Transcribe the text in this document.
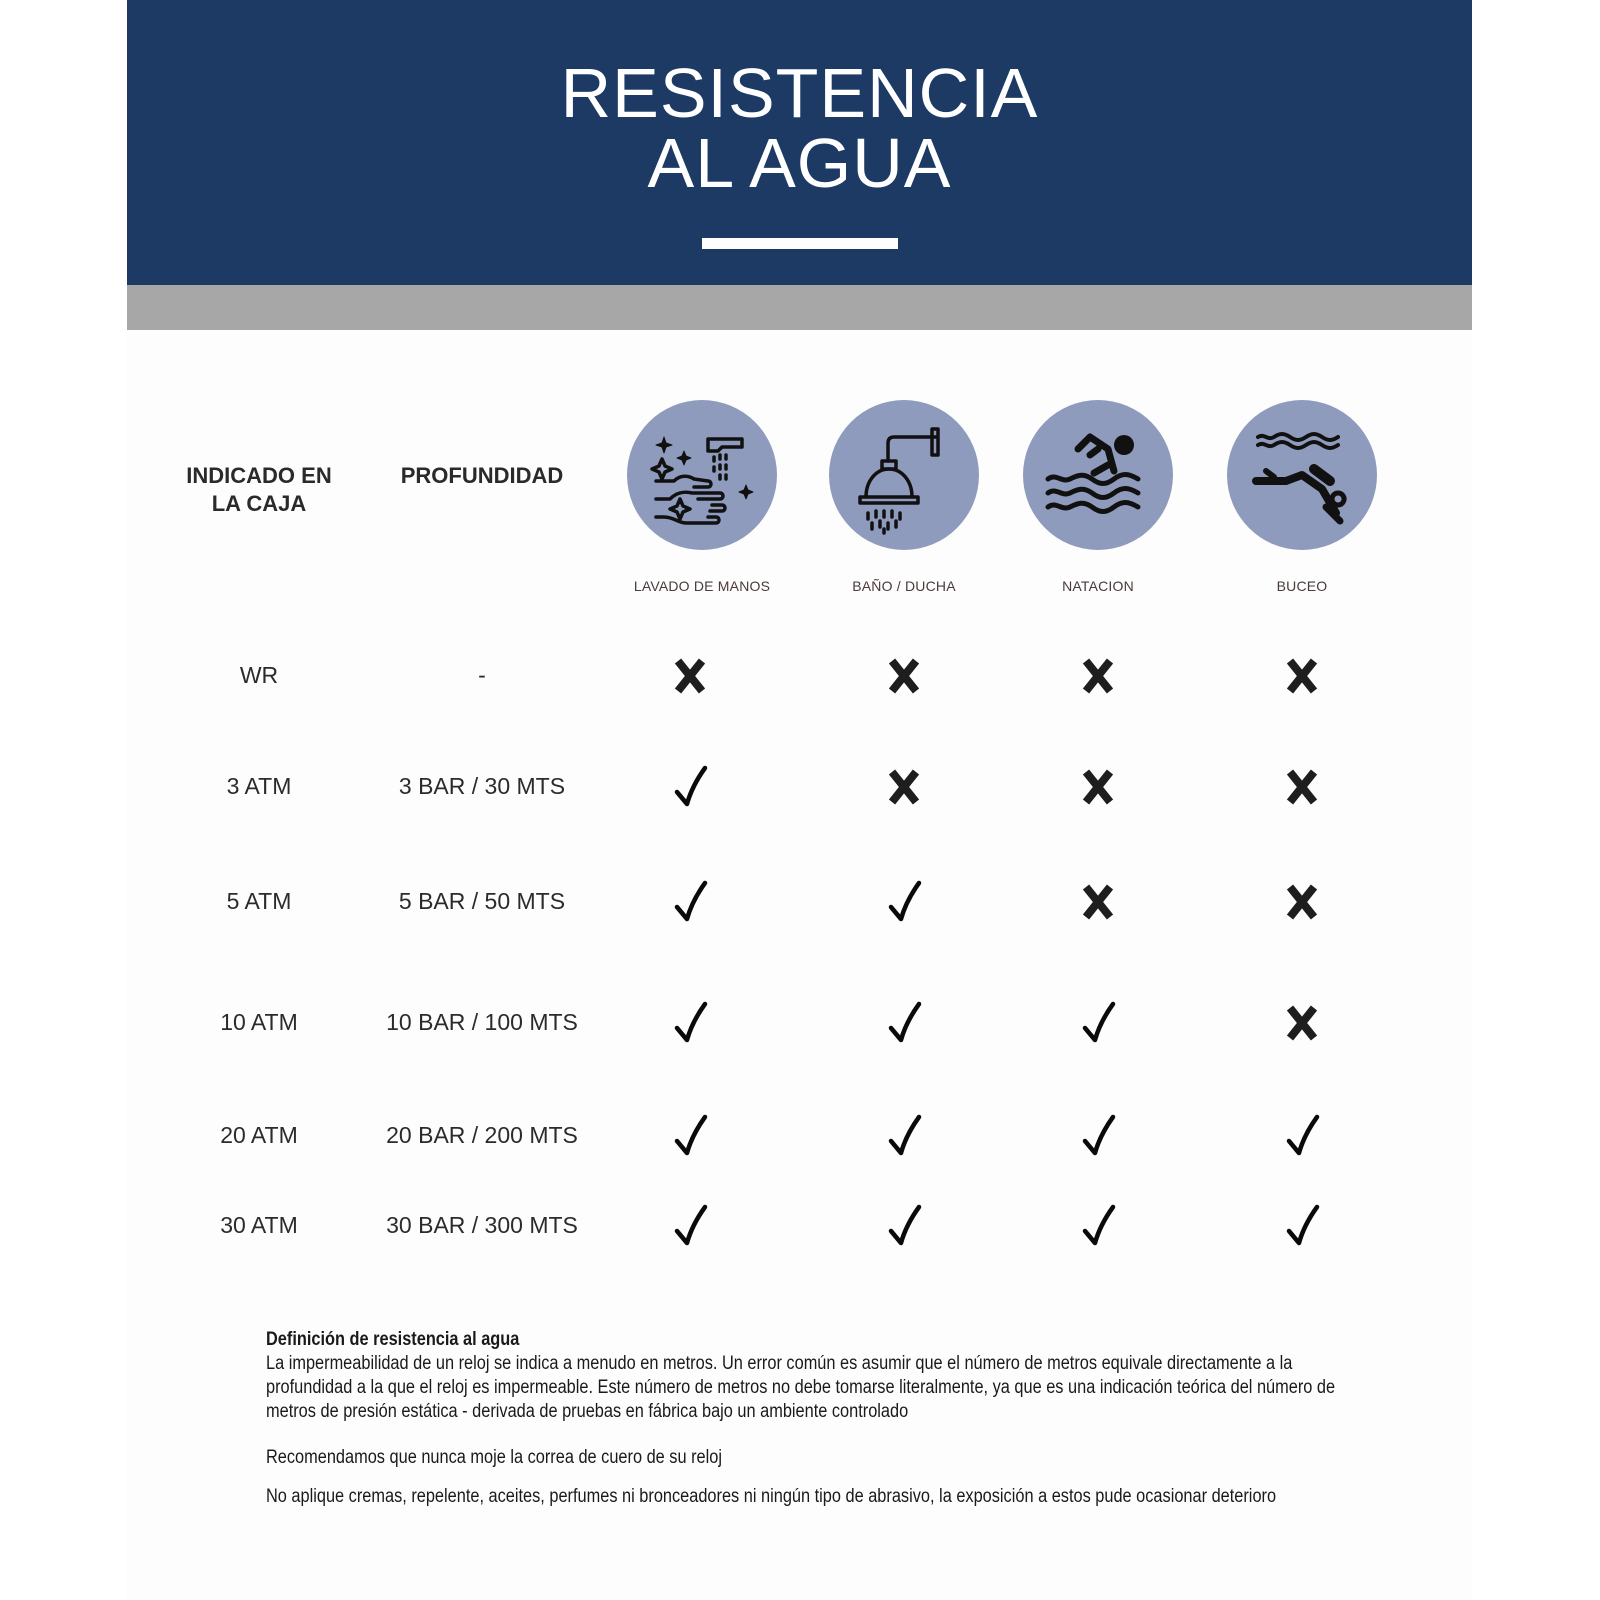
RESISTENCIA
AL AGUA
INDICADO EN LA CAJA
PROFUNDIDAD
LAVADO DE MANOS	BAÑO / DUCHA	NATACION	BUCEO
WR	-
3 ATM	3 BAR / 30 MTS
5 ATM	5 BAR / 50 MTS
10 ATM	10 BAR / 100 MTS
20 ATM	20 BAR / 200 MTS
30 ATM	30 BAR / 300 MTS

Definición de resistencia al agua

La impermeabilidad de un reloj se indica a menudo en metros. Un error común es asumir que el número de metros equivale directamente a la profundidad a la que el reloj es impermeable. Este número de metros no debe tomarse literalmente, ya que es una indicación teórica del número de metros de presión estática - derivada de pruebas en fábrica bajo un ambiente controlado

Recomendamos que nunca moje la correa de cuero de su reloj

No aplique cremas, repelente, aceites, perfumes ni bronceadores ni ningún tipo de abrasivo, la exposición a estos pude ocasionar deterioro
